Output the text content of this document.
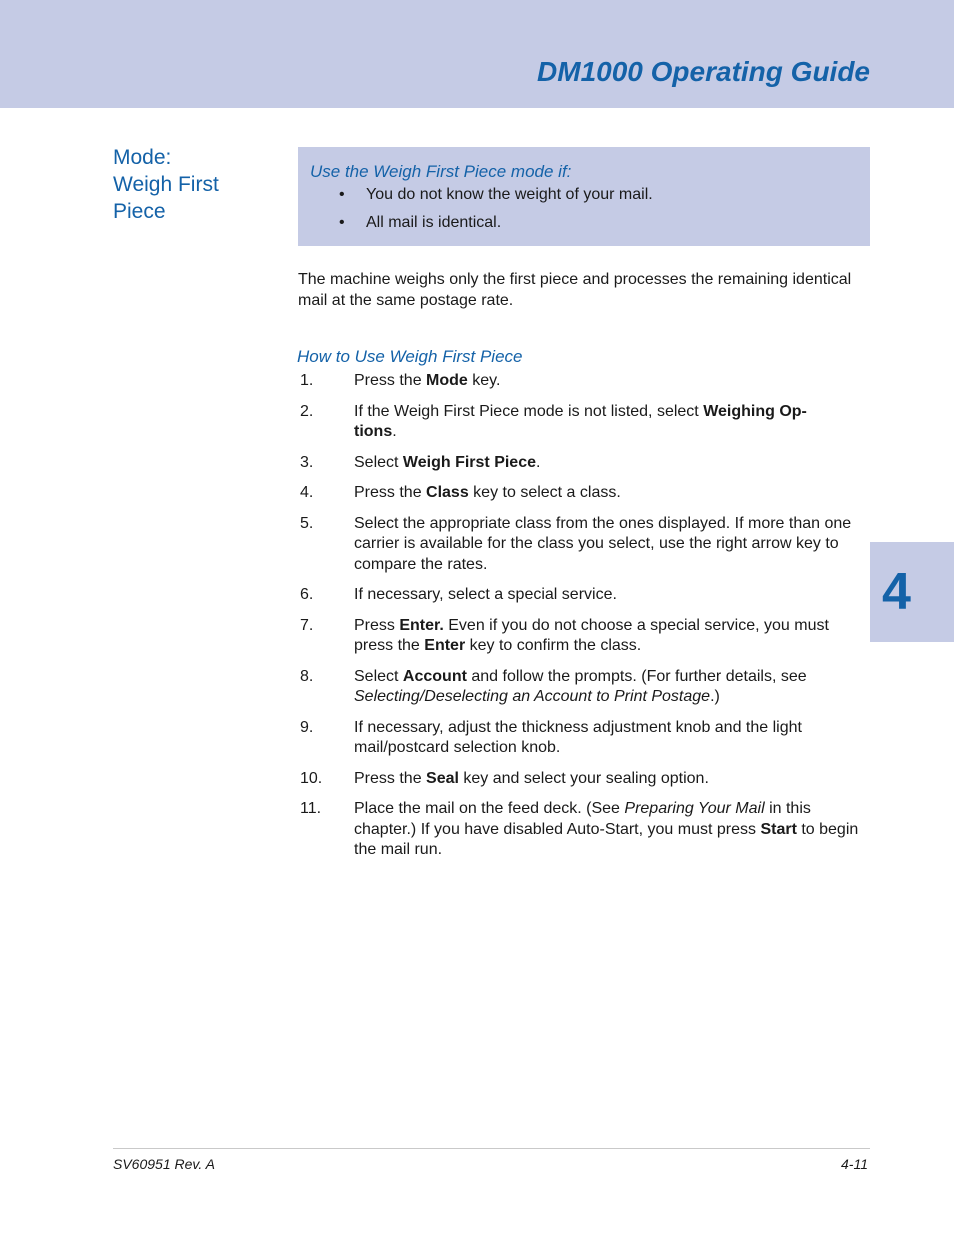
DM1000 Operating Guide
Mode:
Weigh First
Piece
Use the Weigh First Piece mode if:
• You do not know the weight of your mail.
• All mail is identical.
The machine weighs only the first piece and processes the remaining identical mail at the same postage rate.
How to Use Weigh First Piece
1.	Press the Mode key.
2.	If the Weigh First Piece mode is not listed, select Weighing Op-
tions.
3.	Select Weigh First Piece.
4.	Press the Class key to select a class.
5.	Select the appropriate class from the ones displayed. If more than one carrier is available for the class you select, use the right arrow key to compare the rates.
6.	If necessary, select a special service.
7.	Press Enter. Even if you do not choose a special service, you must press the Enter key to confirm the class.
8.	Select Account and follow the prompts. (For further details, see Selecting/Deselecting an Account to Print Postage.)
9.	If necessary, adjust the thickness adjustment knob and the light mail/postcard selection knob.
10.	Press the Seal key and select your sealing option.
11.	Place the mail on the feed deck. (See Preparing Your Mail in this chapter.) If you have disabled Auto-Start, you must press Start to begin the mail run.
4
SV60951 Rev. A	4-11
